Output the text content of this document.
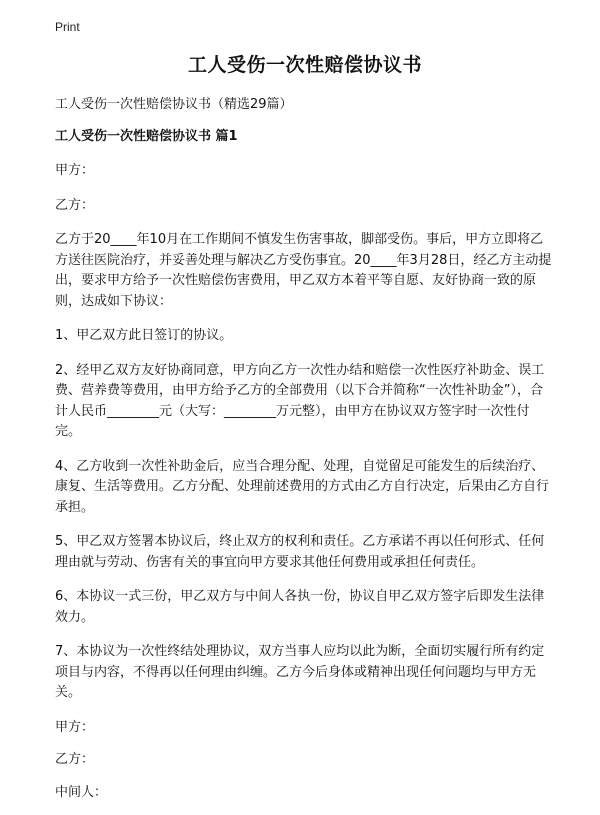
Print
工人受伤一次性赔偿协议书
工人受伤一次性赔偿协议书（精选29篇）
工人受伤一次性赔偿协议书 篇1
甲方：
乙方：
乙方于20____年10月在工作期间不慎发生伤害事故，脚部受伤。事后，甲方立即将乙方送往医院治疗，并妥善处理与解决乙方受伤事宜。20____年3月28日，经乙方主动提出，要求甲方给予一次性赔偿伤害费用，甲乙双方本着平等自愿、友好协商一致的原则，达成如下协议：
1、甲乙双方此日签订的协议。
2、经甲乙双方友好协商同意，甲方向乙方一次性办结和赔偿一次性医疗补助金、误工费、营养费等费用，由甲方给予乙方的全部费用（以下合并简称“一次性补助金”），合计人民币________元（大写：________万元整），由甲方在协议双方签字时一次性付完。
4、乙方收到一次性补助金后，应当合理分配、处理，自觉留足可能发生的后续治疗、康复、生活等费用。乙方分配、处理前述费用的方式由乙方自行决定，后果由乙方自行承担。
5、甲乙双方签署本协议后，终止双方的权利和责任。乙方承诺不再以任何形式、任何理由就与劳动、伤害有关的事宜向甲方要求其他任何费用或承担任何责任。
6、本协议一式三份，甲乙双方与中间人各执一份，协议自甲乙双方签字后即发生法律效力。
7、本协议为一次性终结处理协议，双方当事人应均以此为断，全面切实履行所有约定项目与内容，不得再以任何理由纠缠。乙方今后身体或精神出现任何问题均与甲方无关。
甲方：
乙方：
中间人：
